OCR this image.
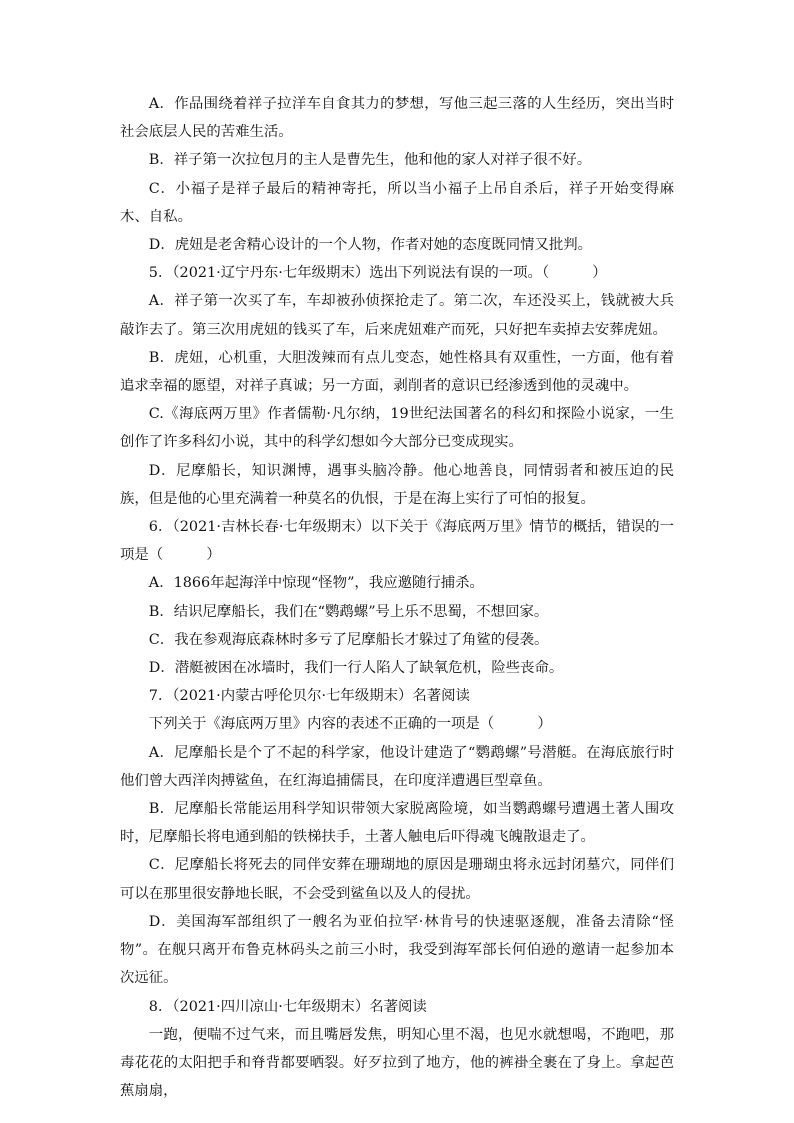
A．作品围绕着祥子拉洋车自食其力的梦想，写他三起三落的人生经历，突出当时社会底层人民的苦难生活。

B．祥子第一次拉包月的主人是曹先生，他和他的家人对祥子很不好。

C．小福子是祥子最后的精神寄托，所以当小福子上吊自杀后，祥子开始变得麻木、自私。

D．虎妞是老舍精心设计的一个人物，作者对她的态度既同情又批判。

5．（2021·辽宁丹东·七年级期末）选出下列说法有误的一项。（　　　）

A．祥子第一次买了车，车却被孙侦探抢走了。第二次，车还没买上，钱就被大兵敲诈去了。第三次用虎妞的钱买了车，后来虎妞难产而死，只好把车卖掉去安葬虎妞。

B．虎妞，心机重，大胆泼辣而有点儿变态，她性格具有双重性，一方面，他有着追求幸福的愿望，对祥子真诚；另一方面，剥削者的意识已经渗透到他的灵魂中。

C.《海底两万里》作者儒勒·凡尔纳，19世纪法国著名的科幻和探险小说家，一生创作了许多科幻小说，其中的科学幻想如今大部分已变成现实。

D．尼摩船长，知识渊博，遇事头脑冷静。他心地善良，同情弱者和被压迫的民族，但是他的心里充满着一种莫名的仇恨，于是在海上实行了可怕的报复。

6．（2021·吉林长春·七年级期末）以下关于《海底两万里》情节的概括，错误的一项是（　　　）

A．1866年起海洋中惊现“怪物”，我应邀随行捕杀。

B．结识尼摩船长，我们在“鹦鹉螺”号上乐不思蜀，不想回家。

C．我在参观海底森林时多亏了尼摩船长才躲过了角鲨的侵袭。

D．潜艇被困在冰墙时，我们一行人陷人了缺氧危机，险些丧命。

7．（2021·内蒙古呼伦贝尔·七年级期末）名著阅读

下列关于《海底两万里》内容的表述不正确的一项是（　　　）

A．尼摩船长是个了不起的科学家，他设计建造了“鹦鹉螺”号潜艇。在海底旅行时他们曾大西洋肉搏鲨鱼，在红海追捕儒艮，在印度洋遭遇巨型章鱼。

B．尼摩船长常能运用科学知识带领大家脱离险境，如当鹦鹉螺号遭遇土著人围攻时，尼摩船长将电通到船的铁梯扶手，土著人触电后吓得魂飞魄散退走了。

C．尼摩船长将死去的同伴安葬在珊瑚地的原因是珊瑚虫将永远封闭墓穴，同伴们可以在那里很安静地长眠，不会受到鲨鱼以及人的侵扰。

D．美国海军部组织了一艘名为亚伯拉罕·林肯号的快速驱逐舰，准备去清除“怪物”。在舰只离开布鲁克林码头之前三小时，我受到海军部长何伯逊的邀请一起参加本次远征。

8．（2021·四川凉山·七年级期末）名著阅读

一跑，便喘不过气来，而且嘴唇发焦，明知心里不渴，也见水就想喝，不跑吧，那毒花花的太阳把手和脊背都要晒裂。好歹拉到了地方，他的裤褂全裹在了身上。拿起芭蕉扇扇，
